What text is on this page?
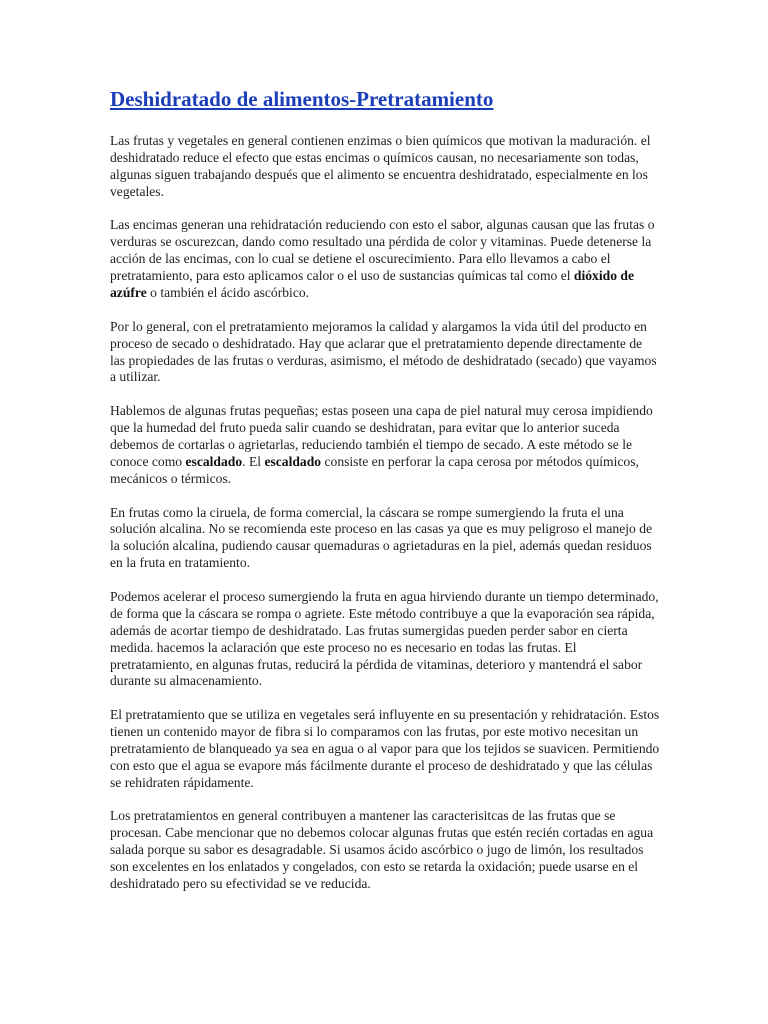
Deshidratado de alimentos-Pretratamiento

Las frutas y vegetales en general contienen enzimas o bien químicos que motivan la maduración. el deshidratado reduce el efecto que estas encimas o químicos causan, no necesariamente son todas, algunas siguen trabajando después que el alimento se encuentra deshidratado, especialmente en los vegetales.

Las encimas generan una rehidratación reduciendo con esto el sabor, algunas causan que las frutas o verduras se oscurezcan, dando como resultado una pérdida de color y vitaminas. Puede detenerse la acción de las encimas, con lo cual se detiene el oscurecimiento. Para ello llevamos a cabo el pretratamiento, para esto aplicamos calor o el uso de sustancias químicas tal como el dióxido de azúfre o también el ácido ascórbico.

Por lo general, con el pretratamiento mejoramos la calidad y alargamos la vida útil del producto en proceso de secado o deshidratado. Hay que aclarar que el pretratamiento depende directamente de las propiedades de las frutas o verduras, asimismo, el método de deshidratado (secado) que vayamos a utilizar.

Hablemos de algunas frutas pequeñas; estas poseen una capa de piel natural muy cerosa impidiendo que la humedad del fruto pueda salir cuando se deshidratan, para evitar que lo anterior suceda debemos de cortarlas o agrietarlas, reduciendo también el tiempo de secado. A este método se le conoce como escaldado. El escaldado consiste en perforar la capa cerosa por métodos químicos, mecánicos o térmicos.

En frutas como la ciruela, de forma comercial, la cáscara se rompe sumergiendo la fruta el una solución alcalina. No se recomienda este proceso en las casas ya que es muy peligroso el manejo de la solución alcalina, pudiendo causar quemaduras o agrietaduras en la piel, además quedan residuos en la fruta en tratamiento.

Podemos acelerar el proceso sumergiendo la fruta en agua hirviendo durante un tiempo determinado, de forma que la cáscara se rompa o agriete. Este método contribuye a que la evaporación sea rápida, además de acortar tiempo de deshidratado. Las frutas sumergidas pueden perder sabor en cierta medida. hacemos la aclaración que este proceso no es necesario en todas las frutas. El pretratamiento, en algunas frutas, reducirá la pérdida de vitaminas, deterioro y mantendrá el sabor durante su almacenamiento.

El pretratamiento que se utiliza en vegetales será influyente en su presentación y rehidratación. Estos tienen un contenido mayor de fibra si lo comparamos con las frutas, por este motivo necesitan un pretratamiento de blanqueado ya sea en agua o al vapor para que los tejidos se suavicen. Permitiendo con esto que el agua se evapore más fácilmente durante el proceso de deshidratado y que las células se rehidraten rápidamente.

Los pretratamientos en general contribuyen a mantener las caracterisitcas de las frutas que se procesan. Cabe mencionar que no debemos colocar algunas frutas que estén recién cortadas en agua salada porque su sabor es desagradable. Si usamos ácido ascórbico o jugo de limón, los resultados son excelentes en los enlatados y congelados, con esto se retarda la oxidación; puede usarse en el deshidratado pero su efectividad se ve reducida.
